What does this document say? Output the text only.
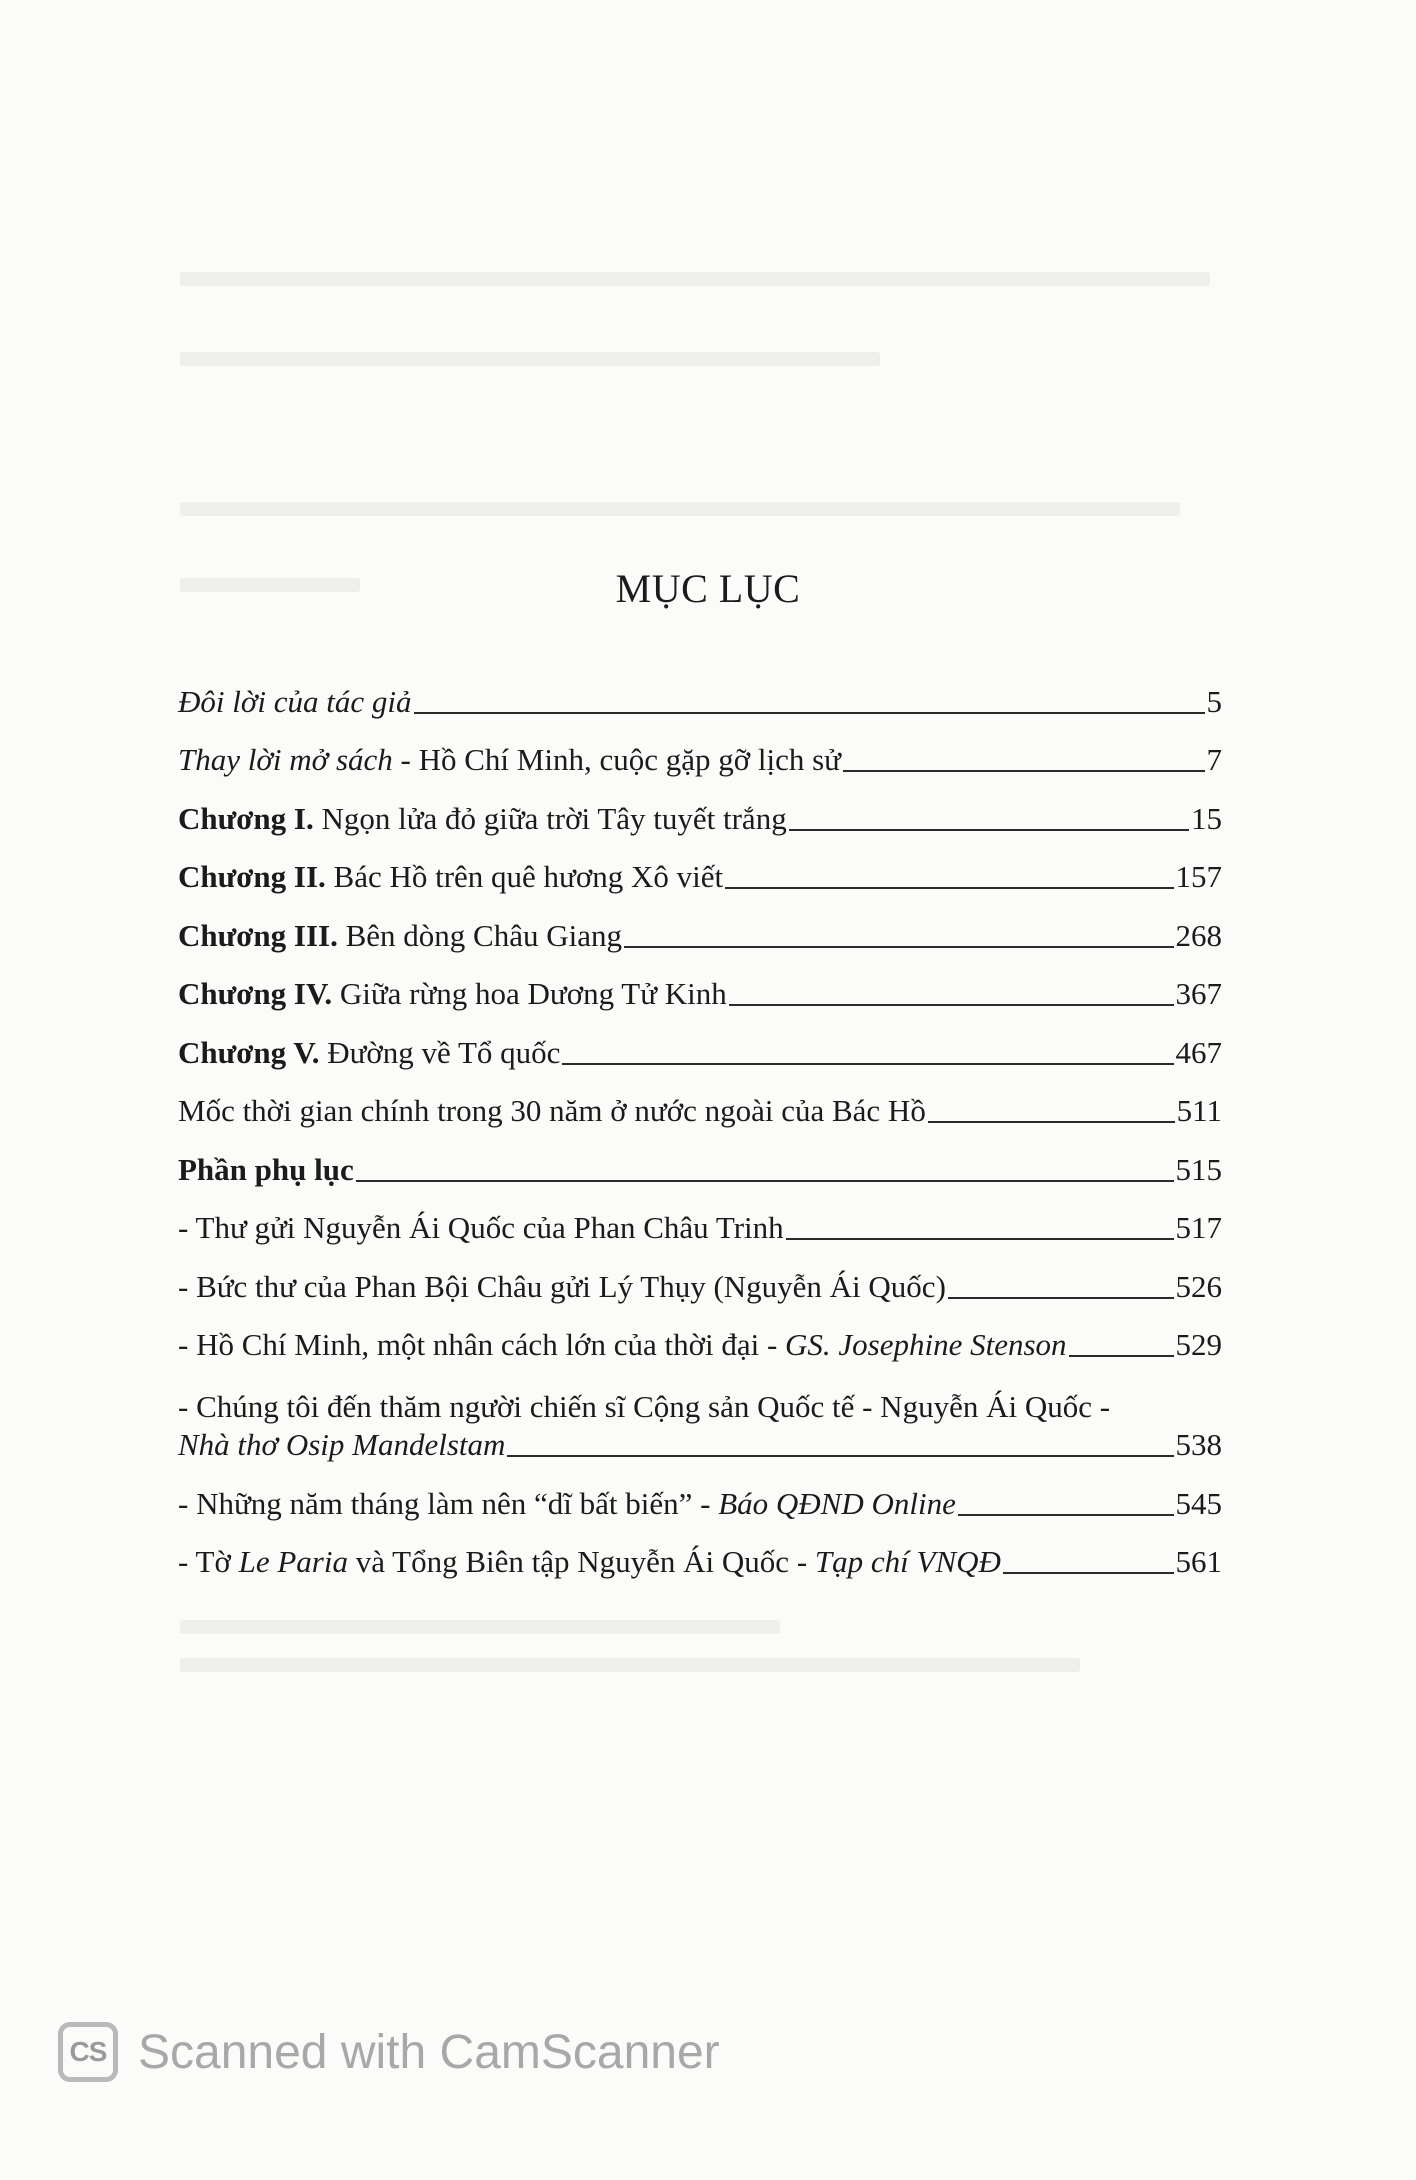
MỤC LỤC
Đôi lời của tác giả	5
Thay lời mở sách - Hồ Chí Minh, cuộc gặp gỡ lịch sử	7
Chương I. Ngọn lửa đỏ giữa trời Tây tuyết trắng	15
Chương II. Bác Hồ trên quê hương Xô viết	157
Chương III. Bên dòng Châu Giang	268
Chương IV. Giữa rừng hoa Dương Tử Kinh	367
Chương V. Đường về Tổ quốc	467
Mốc thời gian chính trong 30 năm ở nước ngoài của Bác Hồ	511
Phần phụ lục	515
- Thư gửi Nguyễn Ái Quốc của Phan Châu Trinh	517
- Bức thư của Phan Bội Châu gửi Lý Thụy (Nguyễn Ái Quốc)	526
- Hồ Chí Minh, một nhân cách lớn của thời đại - GS. Josephine Stenson	529
- Chúng tôi đến thăm người chiến sĩ Cộng sản Quốc tế - Nguyễn Ái Quốc -
Nhà thơ Osip Mandelstam	538
- Những năm tháng làm nên “dĩ bất biến” - Báo QĐND Online	545
- Tờ Le Paria và Tổng Biên tập Nguyễn Ái Quốc - Tạp chí VNQĐ	561
CS Scanned with CamScanner
